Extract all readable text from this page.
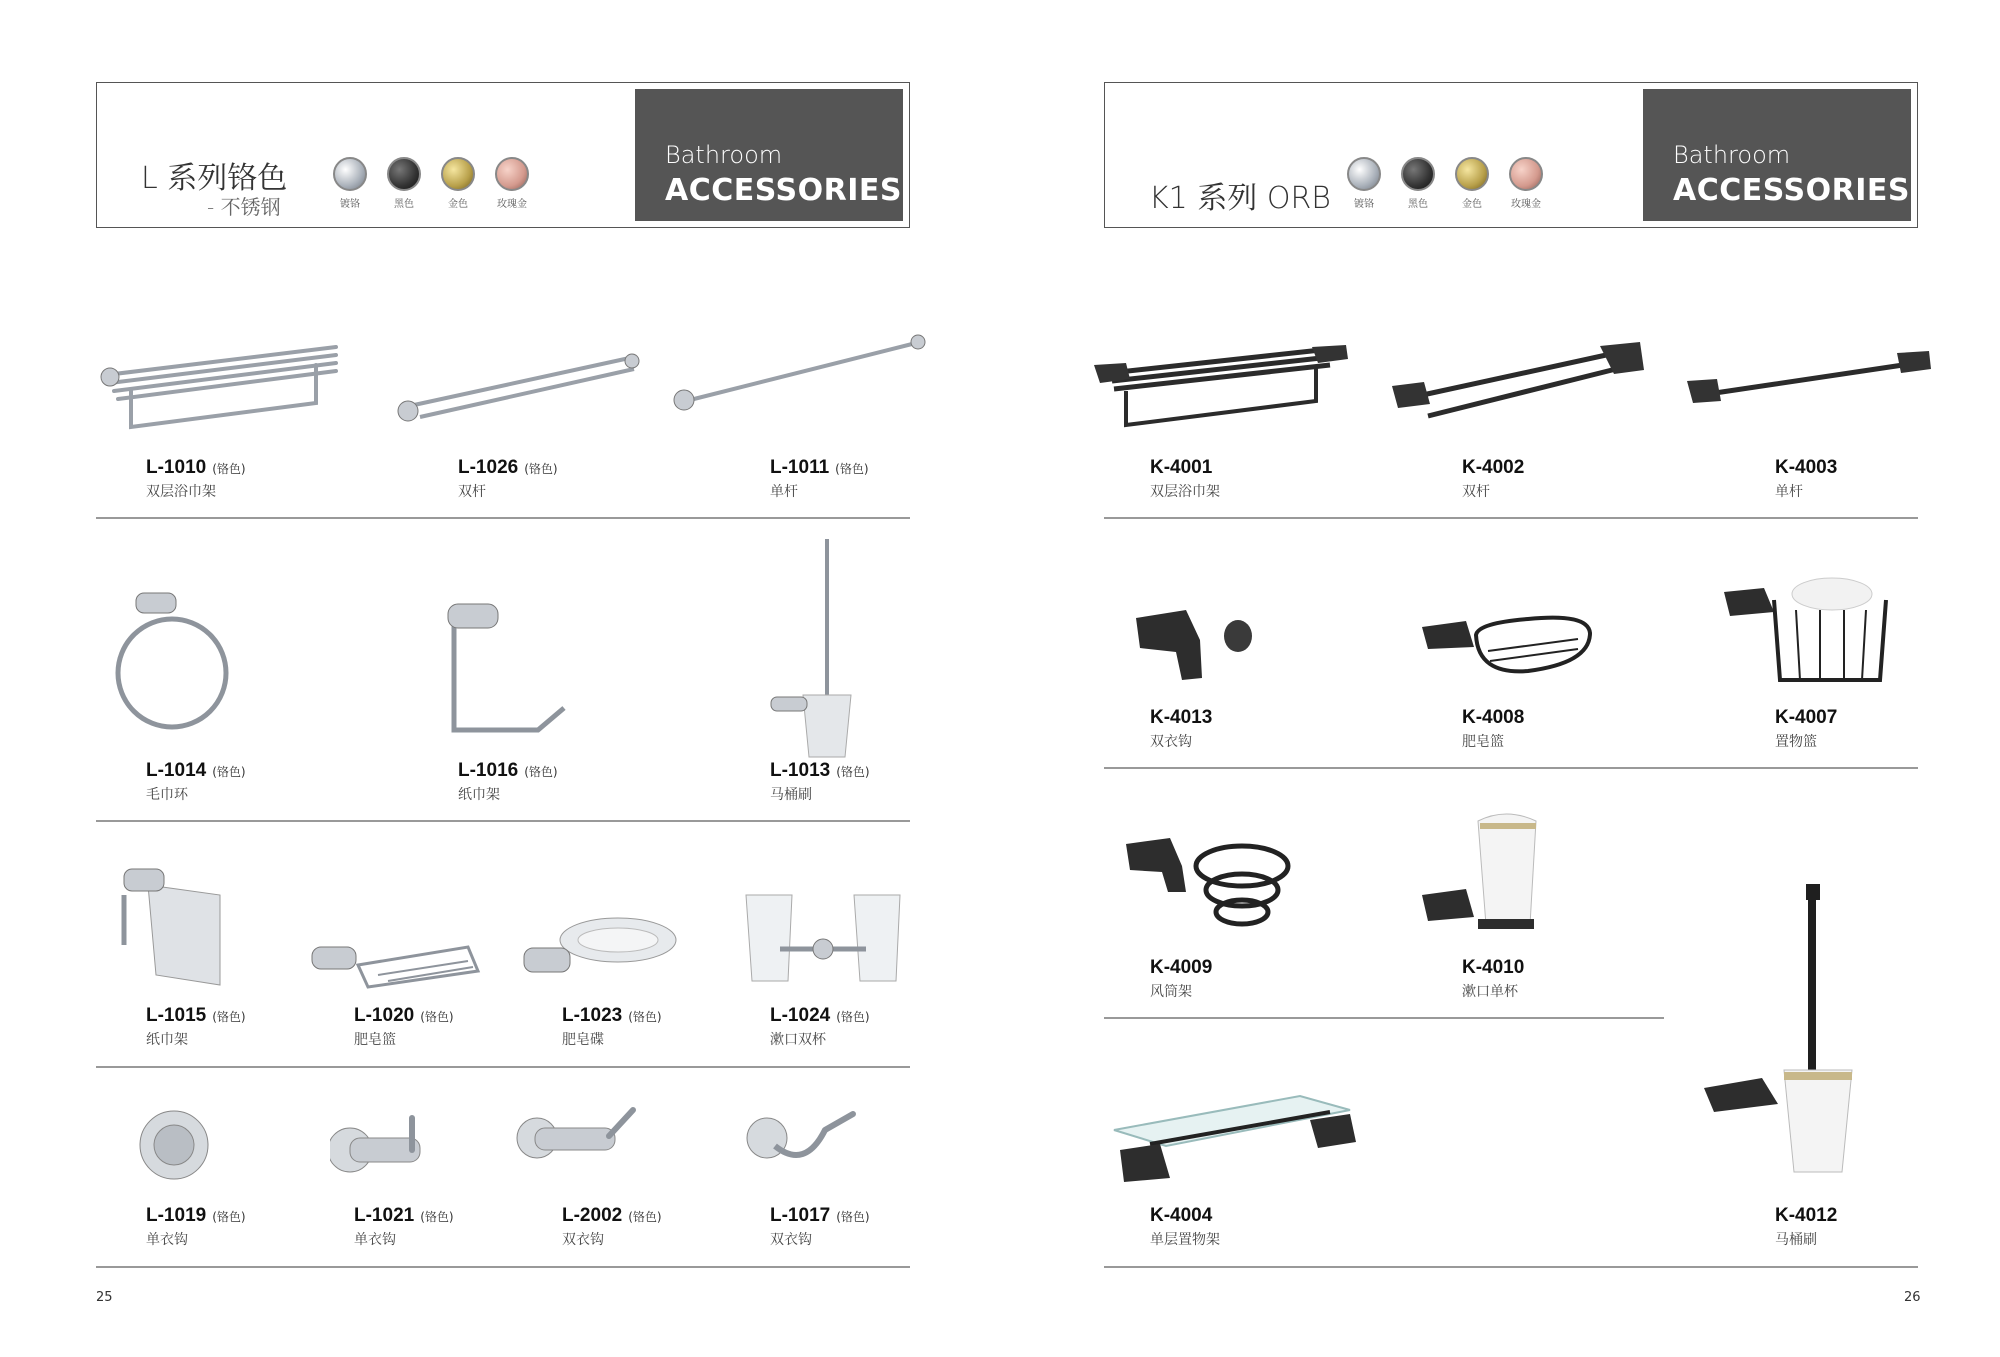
L 系列铬色
- 不锈钢	镀铬	黑色	金色	玫瑰金
Bathroom
ACCESSORIES
L-1010 (铬色)
双层浴巾架
L-1026 (铬色)
双杆
L-1011 (铬色)
单杆
L-1014 (铬色)
毛巾环
L-1016 (铬色)
纸巾架
L-1013 (铬色)
马桶刷
L-1015 (铬色)
纸巾架
L-1020 (铬色)
肥皂篮
L-1023 (铬色)
肥皂碟
L-1024 (铬色)
漱口双杯
L-1019 (铬色)
单衣钩
L-1021 (铬色)
单衣钩
L-2002 (铬色)
双衣钩
L-1017 (铬色)
双衣钩
25
K1 系列 ORB	镀铬	黑色	金色	玫瑰金
Bathroom
ACCESSORIES
K-4001
双层浴巾架
K-4002
双杆
K-4003
单杆
K-4013
双衣钩
K-4008
肥皂篮
K-4007
置物篮
K-4009
风筒架
K-4010
漱口单杯
K-4004
单层置物架
K-4012
马桶刷
26
